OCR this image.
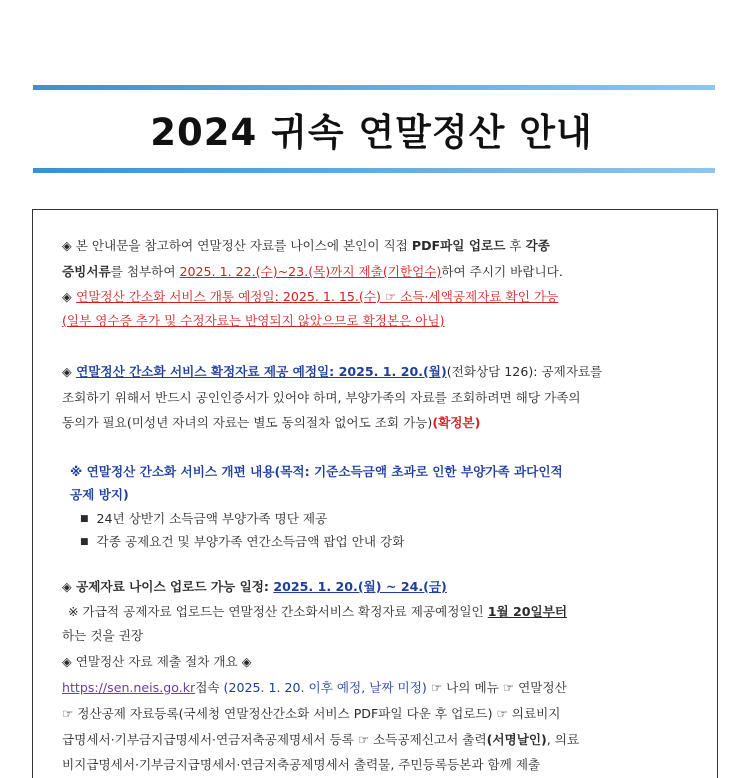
2024 귀속 연말정산 안내
◈ 본 안내문을 참고하여 연말정산 자료를 나이스에 본인이 직접 PDF파일 업로드 후 각종
증빙서류를 첨부하여 2025. 1. 22.(수)~23.(목)까지 제출(기한엄수)하여 주시기 바랍니다.
◈ 연말정산 간소화 서비스 개통 예정일: 2025. 1. 15.(수) ☞ 소득·세액공제자료 확인 가능
(일부 영수증 추가 및 수정자료는 반영되지 않았으므로 확정본은 아님)
◈ 연말정산 간소화 서비스 확정자료 제공 예정일: 2025. 1. 20.(월)(전화상담 126): 공제자료를
조회하기 위해서 반드시 공인인증서가 있어야 하며, 부양가족의 자료를 조회하려면 해당 가족의
동의가 필요(미성년 자녀의 자료는 별도 동의절차 없어도 조회 가능)(확정본)
※ 연말정산 간소화 서비스 개편 내용(목적: 기준소득금액 초과로 인한 부양가족 과다인적
공제 방지)
■ 24년 상반기 소득금액 부양가족 명단 제공
■ 각종 공제요건 및 부양가족 연간소득금액 팝업 안내 강화
◈ 공제자료 나이스 업로드 가능 일정: 2025. 1. 20.(월) ~ 24.(금)
※ 가급적 공제자료 업로드는 연말정산 간소화서비스 확정자료 제공예정일인 1월 20일부터
하는 것을 권장
◈ 연말정산 자료 제출 절차 개요 ◈
https://sen.neis.go.kr접속 (2025. 1. 20. 이후 예정, 날짜 미정) ☞ 나의 메뉴 ☞ 연말정산
☞ 정산공제 자료등록(국세청 연말정산간소화 서비스 PDF파일 다운 후 업로드) ☞ 의료비지
급명세서·기부금지급명세서·연금저축공제명세서 등록 ☞ 소득공제신고서 출력(서명날인), 의료
비지급명세서·기부금지급명세서·연금저축공제명세서 출력물, 주민등록등본과 함께 제출
